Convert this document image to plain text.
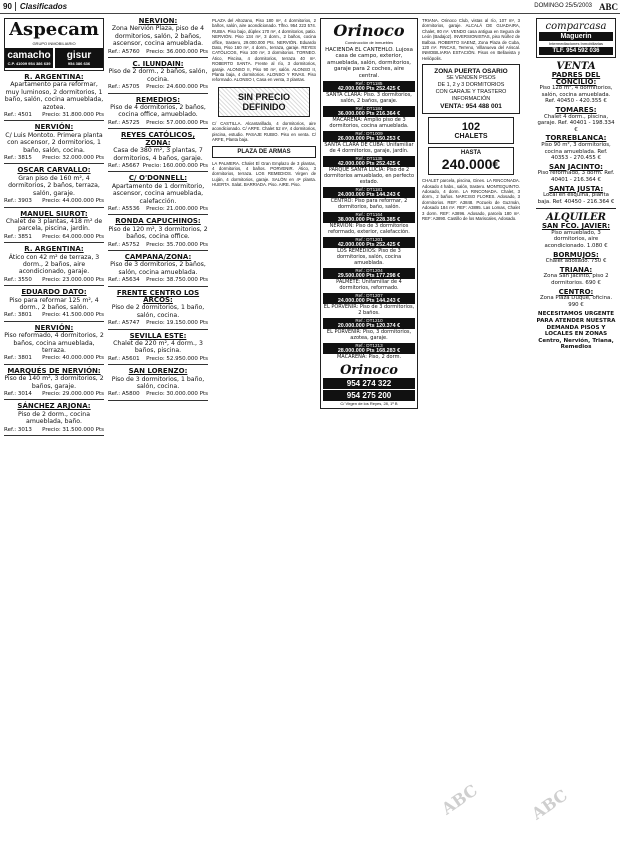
90	Clasificados	DOMINGO 25/5/2003 ABC
Aspecam
GRUPO INMOBILIARIO
camacho
C.P. 41009 954 386 639
gisur
954 386 636
R. ARGENTINA:
Apartamento para reformar, muy luminoso, 2 dormitorios, 1 baño, salón, cocina amueblada, azotea.
Ref.: 4501 Precio: 31.800.000 Pts
NERVIÓN:
C/ Luis Montoto. Primera planta con ascensor, 2 dormitorios, 1 baño, salón, cocina.
Ref.: 3815 Precio: 32.000.000 Pts
OSCAR CARVALLO:
Gran piso de 160 m², 4 dormitorios, 2 baños, terraza, salón, garaje.
Ref.: 3903 Precio: 44.000.000 Pts
MANUEL SIUROT:
Chalet de 3 plantas, 418 m² de parcela, piscina, jardín.
Ref.: 3851 Precio: 64.000.000 Pts
R. ARGENTINA:
Ático con 42 m² de terraza, 3 dorm., 2 baños, aire acondicionado, garaje.
Ref.: 3550 Precio: 23.000.000 Pts
EDUARDO DATO:
Piso para reformar 125 m², 4 dorm., 2 baños, salón.
Ref.: 3801 Precio: 41.500.000 Pts
NERVIÓN:
Piso reformado, 4 dormitorios, 2 baños, cocina amueblada, terraza.
Ref.: 3801 Precio: 40.000.000 Pts
MARQUÉS DE NERVIÓN:
Piso de 140 m², 3 dormitorios, 2 baños, garaje.
Ref.: 3014 Precio: 29.000.000 Pts
SÁNCHEZ ARJONA:
Piso de 2 dorm., cocina amueblada, baño.
Ref.: 3013 Precio: 31.500.000 Pts
NERVIÓN:
Zona Nervión Plaza, piso de 4 dormitorios, salón, 2 baños, ascensor, cocina amueblada.
Ref.: A5760 Precio: 36.000.000 Pts
C. ILUNDAIN:
Piso de 2 dorm., 2 baños, salón, cocina.
Ref.: A5705 Precio: 24.600.000 Pts
REMEDIOS:
Piso de 4 dormitorios, 2 baños, cocina office, amueblado.
Ref.: A5725 Precio: 57.000.000 Pts
REYES CATÓLICOS, ZONA:
Casa de 380 m², 3 plantas, 7 dormitorios, 4 baños, garaje.
Ref.: A5667 Precio: 160.000.000 Pts
C/ O'DONNELL:
Apartamento de 1 dormitorio, ascensor, cocina amueblada, calefacción.
Ref.: A5536 Precio: 21.000.000 Pts
RONDA CAPUCHINOS:
Piso de 120 m², 3 dormitorios, 2 baños, cocina office.
Ref.: A5752 Precio: 35.700.000 Pts
CAMPANA/ZONA:
Piso de 3 dormitorios, 2 baños, salón, cocina amueblada.
Ref.: A5634 Precio: 38.750.000 Pts
FRENTE CENTRO LOS ARCOS:
Piso de 2 dormitorios, 1 baño, salón, cocina.
Ref.: A5747 Precio: 19.150.000 Pts
SEVILLA ESTE:
Chalet de 220 m², 4 dorm., 3 baños, piscina.
Ref.: A5601 Precio: 52.950.000 Pts
SAN LORENZO:
Piso de 3 dormitorios, 1 baño, salón, cocina.
Ref.: A5800 Precio: 30.000.000 Pts
PLAZA del Altozano, Piso 180 m², 4 dormitorios, 2 baños, salón, aire acondicionado. Tlfno. 954 223 574. RUBIA. Piso bajo, dúplex 170 m², 4 dormitorios, patio. NERVIÓN. Piso 134 m², 3 dorm., 2 baños, cocina office, trastero, 29.000.000 Pts. NERVIÓN. Eduardo Dato, Piso 160 m², 4 dorm., terraza, garaje. REYES CATÓLICOS, Piso 100 m², 3 dormitorios. TORNEO. Ático, Piscina, 4 dormitorios, terraza 40 m². ROBERTO SANTA. Frente al río, 3 dormitorios, garaje. ALONSO II, Piso 90 m², salón. ALONSO II, Planta baja, 4 dormitorios. ALONSO Y RIVAS. Piso reformado. ALONSO I, Casa en venta, 3 plantas.
SIN PRECIO DEFINIDO
C/ CASTILLA. Alcantarillado, 4 dormitorios, aire acondicionado. C/ ARFE. Chalet 52 m², 4 dormitorios, piscina, estudio. PASAJE RUBIO. Piso en venta. C/ ARFE, Planta baja.
PLAZA DE ARMAS
LA PALMERA. Chalet El Gran Emplazo de 3 plantas, 4 dormitorios, 4 baños. PORVENIR. Ático, 3 dormitorios, terraza. LOS REMEDIOS. Virgen de Luján, 4 dormitorios, garaje. SALÓN en 4ª planta. HUERTA. Salat. BARRIADA. Piso. AIRE. Piso.
Orinoco
Construcción de inmuebles
HACIENDA EL CANTEHLO. Lujosa casa de campo, exterior, amueblada, salón, dormitorios, garaje para 2 coches, aire central.
Ref.: DT1185
42.000.000 Pts 252.425 €
SANTA CLARA: Piso. 3 dormitorios, salón, 2 baños, garaje.
Ref.: DT1184
36.000.000 Pts 216.364 €
MACARENA: Amplio piso de 3 dormitorios, cocina amueblada.
Ref.: DT1009
26.000.000 Pts 150.253 €
SANTA CLARA DE CUBA: Unifamiliar de 4 dormitorios, garaje, jardín.
Ref.: DT1135
42.000.000 Pts 252.425 €
PARQUE SANTA LUCÍA: Piso de 2 dormitorios amueblado, en perfecto estado.
Ref.: DT1181
24.000.000 Pts 144.243 €
CENTRO: Piso para reformar, 2 dormitorios, baño, salón.
Ref.: DT1164
38.000.000 Pts 228.385 €
NERVIÓN: Piso de 3 dormitorios reformado, exterior, calefacción.
Ref.: DT1201
42.000.000 Pts 252.425 €
LOS REMEDIOS: Piso de 3 dormitorios, salón, cocina amueblada.
Ref.: DT1204
29.500.000 Pts 177.298 €
PALMETE: Unifamiliar de 4 dormitorios, reformado.
Ref.: DT1207
24.000.000 Pts 144.243 €
EL PORVENIR: Piso de 3 dormitorios, 2 baños.
Ref.: DT1210
20.000.000 Pts 120.374 €
EL PORVENIR: Piso, 3 dormitorios, azotea, garaje.
Ref.: DT1213
28.000.000 Pts 168.283 €
MACARENA: Piso, 2 dorm.
Orinoco
954 274 322
954 275 200
C/ Virgen de los Reyes, 28, 1º B
TRIANA. Orinoco Club, vistas al río, 107 m², 3 dormitorios, garaje. ALCALÁ DE GUADAIRA, Chalet, 80 m². VENDO casa antigua en Segura de León (Badajoz). INVERSIONISTAS, piso Núñez de Balboa. ROBERTO SAENZ, Zona Plaza de Cuba, 120 m². FINCAS, Terreno, Villanueva del Ariscal. INMOBILIARIA ESTACIÓN. Pisos en Bellavista y Heliópolis.
ZONA PUERTA OSARIO
SE VENDEN PISOS
DE 1, 2 y 3 DORMITORIOS
CON GARAJE Y TRASTERO
INFORMACIÓN
VENTA: 954 488 001
102
CHALETS
HASTA
240.000€
CHALET parcela, piscina, Gines. LA RINCONADA. Adosado 4 habs., salón, trastero. MONTEQUINTO. Adosado, 4 dorm. LA RINCONADA. Chalet, 3 dorm., 2 baños. NARCISO FLORES. Adosado, 3 dormitorios. REF: A3848. Pozuelo de Guzmán, Adosado 184 m². REF: A3895. Las Lomas, Chalet 3 dorm. REF: A3896. Adosado, parcela 180 m². REF: A3890. Castillo de los Mariscales, Adosado.
comparcasa
Maguerin
Intermediaciones Inmobiliarias
TLF. 954 592 036
VENTA
PADRES DEL CONCILIO:
Piso 128 m², 4 dormitorios, salón, cocina amueblada. Ref. 40450 - 420.355 €
TOMARES:
Chalet 4 dorm., piscina, garaje. Ref. 40401 - 198.334 €
TORREBLANCA:
Piso 90 m², 3 dormitorios, cocina amueblada. Ref. 40353 - 270.455 €
SAN JACINTO:
Piso reformado, 3 dorm. Ref. 40401 - 216.364 €
SANTA JUSTA:
Local en esquina, planta baja. Ref. 40450 - 216.364 €
ALQUILER
SAN FCO. JAVIER:
Piso amueblado, 3 dormitorios, aire acondicionado. 1.080 €
BORMUJOS:
Chalet adosado. 750 €
TRIANA:
Zona San Jacinto, piso 2 dormitorios. 690 €
CENTRO:
Zona Plaza Duque, oficina. 990 €
NECESITAMOS URGENTE PARA ATENDER NUESTRA DEMANDA PISOS Y LOCALES EN ZONAS Centro, Nervión, Triana, Remedios
ABC	ABC
